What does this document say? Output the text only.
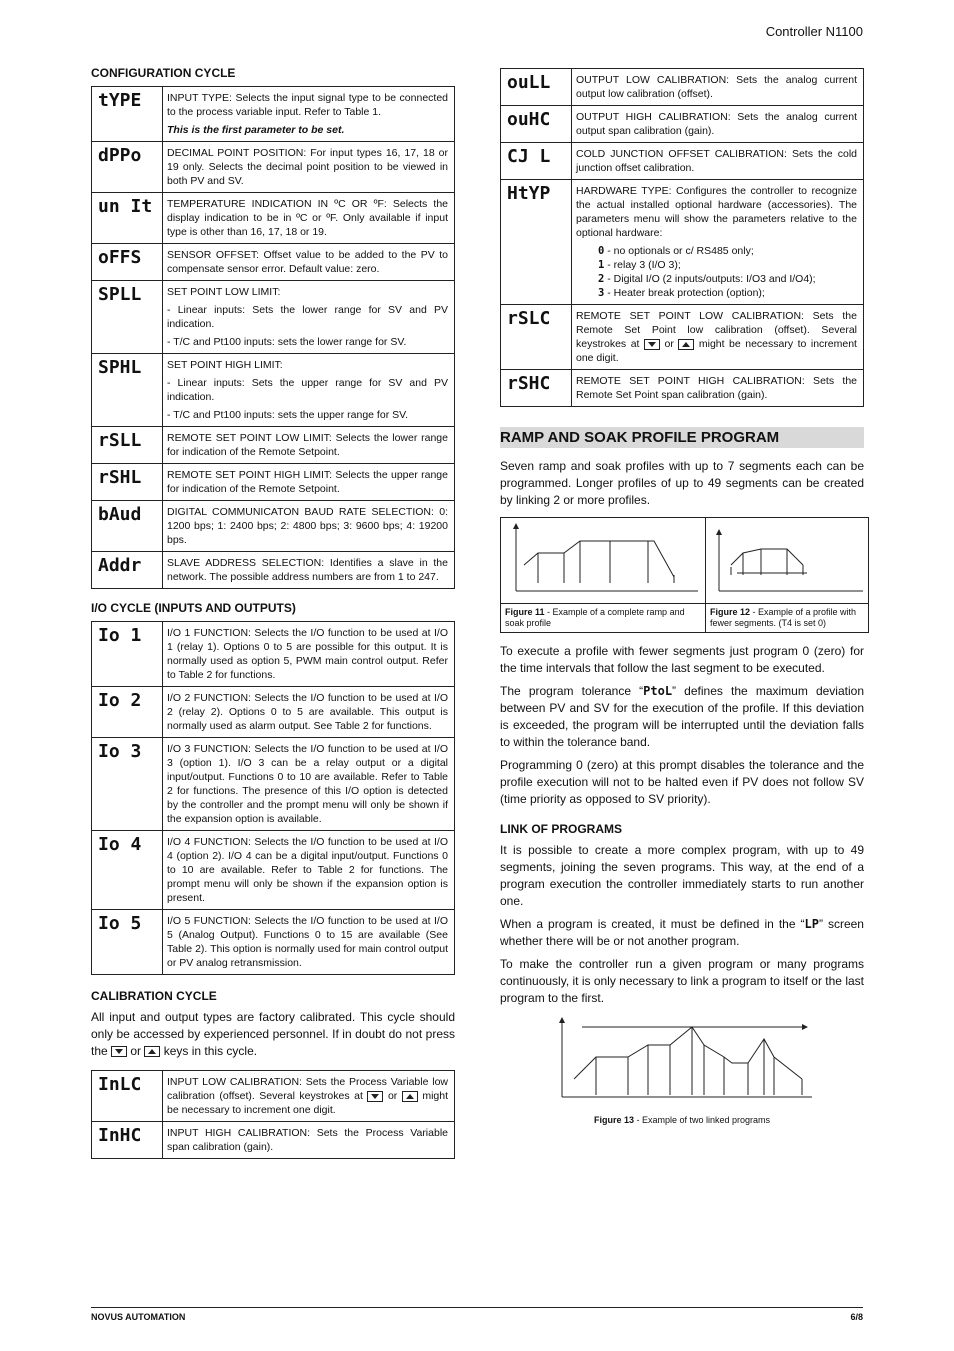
Controller N1100
CONFIGURATION CYCLE
tYPE	INPUT TYPE: Selects the input signal type to be connected to the process variable input. Refer to Table 1.

This is the first parameter to be set.

dPPo	DECIMAL POINT POSITION: For input types 16, 17, 18 or 19 only. Selects the decimal point position to be viewed in both PV and SV.
un It	TEMPERATURE INDICATION IN ºC OR ºF: Selects the display indication to be in ºC or ºF. Only available if input type is other than 16, 17, 18 or 19.
oFFS	SENSOR OFFSET: Offset value to be added to the PV to compensate sensor error. Default value: zero.
SPLL	SET POINT LOW LIMIT:

- Linear inputs: Sets the lower range for SV and PV indication.

- T/C and Pt100 inputs: sets the lower range for SV.

SPHL	SET POINT HIGH LIMIT:

- Linear inputs: Sets the upper range for SV and PV indication.

- T/C and Pt100 inputs: sets the upper range for SV.

rSLL	REMOTE SET POINT LOW LIMIT: Selects the lower range for indication of the Remote Setpoint.
rSHL	REMOTE SET POINT HIGH LIMIT: Selects the upper range for indication of the Remote Setpoint.
bAud	DIGITAL COMMUNICATON BAUD RATE SELECTION: 0: 1200 bps; 1: 2400 bps; 2: 4800 bps; 3: 9600 bps; 4: 19200 bps.
Addr	SLAVE ADDRESS SELECTION: Identifies a slave in the network. The possible address numbers are from 1 to 247.
I/O CYCLE (INPUTS AND OUTPUTS)
Io 1	I/O 1 FUNCTION: Selects the I/O function to be used at I/O 1 (relay 1). Options 0 to 5 are possible for this output. It is normally used as option 5, PWM main control output. Refer to Table 2 for functions.
Io 2	I/O 2 FUNCTION: Selects the I/O function to be used at I/O 2 (relay 2). Options 0 to 5 are available. This output is normally used as alarm output. See Table 2 for functions.
Io 3	I/O 3 FUNCTION: Selects the I/O function to be used at I/O 3 (option 1). I/O 3 can be a relay output or a digital input/output. Functions 0 to 10 are available. Refer to Table 2 for functions. The presence of this I/O option is detected by the controller and the prompt menu will only be shown if the expansion option is available.
Io 4	I/O 4 FUNCTION: Selects the I/O function to be used at I/O 4 (option 2). I/O 4 can be a digital input/output. Functions 0 to 10 are available. Refer to Table 2 for functions. The prompt menu will only be shown if the expansion option is present.
Io 5	I/O 5 FUNCTION: Selects the I/O function to be used at I/O 5 (Analog Output). Functions 0 to 15 are available (See Table 2). This option is normally used for main control output or PV analog retransmission.
CALIBRATION CYCLE

All input and output types are factory calibrated. This cycle should only be accessed by experienced personnel. If in doubt do not press the or keys in this cycle.

InLC	INPUT LOW CALIBRATION: Sets the Process Variable low calibration (offset). Several keystrokes at or might be necessary to increment one digit.
InHC	INPUT HIGH CALIBRATION: Sets the Process Variable span calibration (gain).
ouLL	OUTPUT LOW CALIBRATION: Sets the analog current output low calibration (offset).
ouHC	OUTPUT HIGH CALIBRATION: Sets the analog current output span calibration (gain).
CJ L	COLD JUNCTION OFFSET CALIBRATION: Sets the cold junction offset calibration.
HtYP	HARDWARE TYPE: Configures the controller to recognize the actual installed optional hardware (accessories). The parameters menu will show the parameters relative to the optional hardware:

0 - no optionals or c/ RS485 only;
1 - relay 3 (I/O 3);
2 - Digital I/O (2 inputs/outputs: I/O3 and I/O4);
3 - Heater break protection (option);

rSLC	REMOTE SET POINT LOW CALIBRATION: Sets the Remote Set Point low calibration (offset). Several keystrokes at or might be necessary to increment one digit.
rSHC	REMOTE SET POINT HIGH CALIBRATION: Sets the Remote Set Point span calibration (gain).
RAMP AND SOAK PROFILE PROGRAM

Seven ramp and soak profiles with up to 7 segments each can be programmed. Longer profiles of up to 49 segments can be created by linking 2 or more profiles.

Figure 11 - Example of a complete ramp and soak profile	Figure 12 - Example of a profile with fewer segments. (T4 is set 0)

To execute a profile with fewer segments just program 0 (zero) for the time intervals that follow the last segment to be executed.

The program tolerance “PtoL” defines the maximum deviation between PV and SV for the execution of the profile. If this deviation is exceeded, the program will be interrupted until the deviation falls to within the tolerance band.

Programming 0 (zero) at this prompt disables the tolerance and the profile execution will not to be halted even if PV does not follow SV (time priority as opposed to SV priority).

LINK OF PROGRAMS

It is possible to create a more complex program, with up to 49 segments, joining the seven programs. This way, at the end of a program execution the controller immediately starts to run another one.

When a program is created, it must be defined in the “LP” screen whether there will be or not another program.

To make the controller run a given program or many programs continuously, it is only necessary to link a program to itself or the last program to the first.

Figure 13 - Example of two linked programs
NOVUS AUTOMATION	6/8
